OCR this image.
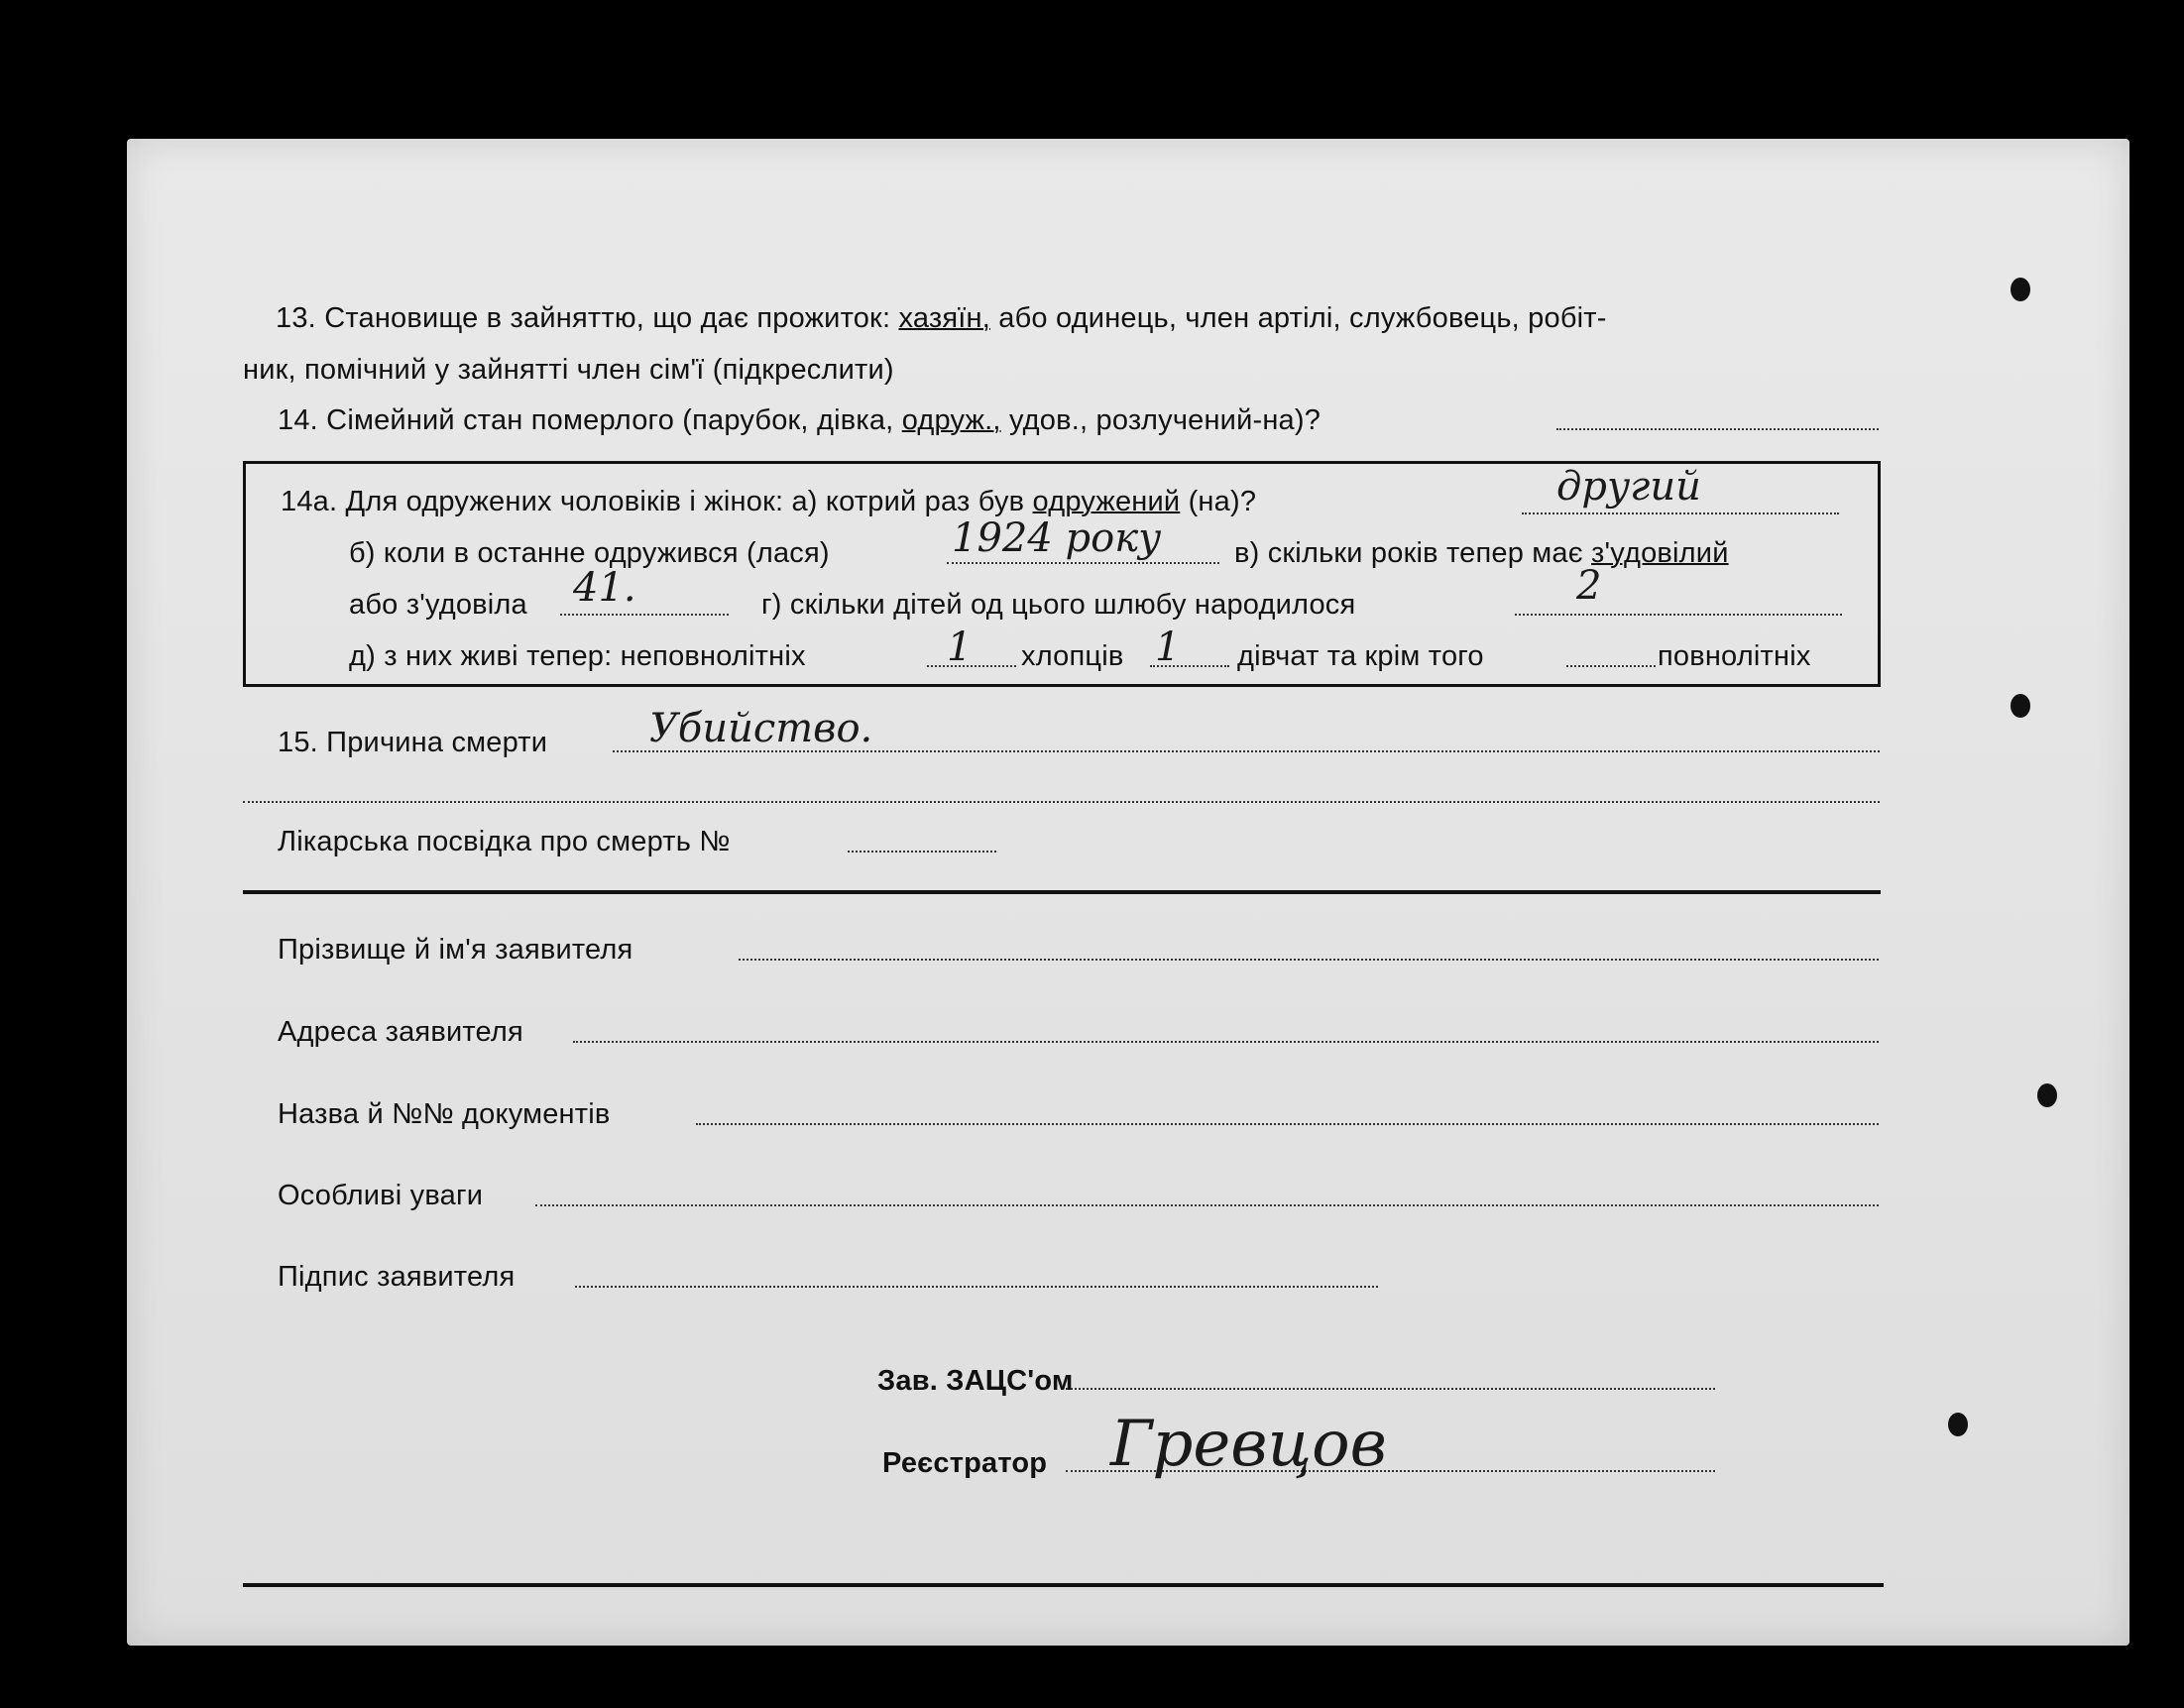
13. Становище в зайняттю, що дає прожиток: хазяїн, або одинець, член артілі, службовець, робіт-
ник, помічний у зайнятті член сім'ї (підкреслити)
14. Сімейний стан померлого (парубок, дівка, одруж., удов., розлучений-на)?
14а. Для одружених чоловіків і жінок: а) котрий раз був одружений (на)?	другий
б) коли в останне одружився (лася)	1924 року	в) скільки років тепер має з'удовілий
або з'удовіла 41.	г) скільки дітей од цього шлюбу народилося	2
д) з них живі тепер: неповнолітніх	1 хлопців 1 дівчат та крім того	повнолітніх
15. Причина смерти	Убийство.
Лікарська посвідка про смерть №
Прізвище й ім'я заявителя
Адреса заявителя
Назва й №№ документів
Особливі уваги
Підпис заявителя
Зав. ЗАЦС'ом
Реєстратор Гревцов
